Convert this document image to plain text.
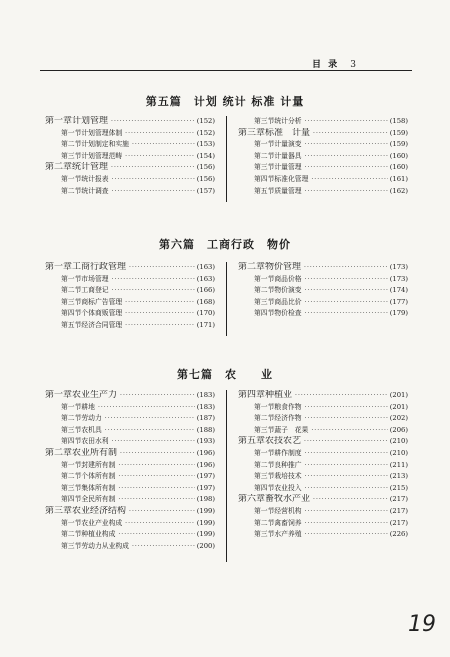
目 录 3
第五篇　计划 统计 标准 计量
第一章 计划管理 ·····	(152)
第一节 计划管理体制 ·····	(152)
第二节 计划制定和实施 ·····	(153)
第三节 计划管理范畴 ·····	(154)
第二章 统计管理 ·····	(156)
第一节 统计报表 ·····	(156)
第二节 统计调查 ·····	(157)
第三节 统计分析 ·····	(158)
第三章 标准　计量 ·····	(159)
第一节 计量演变 ·····	(159)
第二节 计量器具 ·····	(160)
第三节 计量管理 ·····	(160)
第四节 标准化管理 ·····	(161)
第五节 质量管理 ·····	(162)
第六篇　工商行政　物价
第一章 工商行政管理 ·····	(163)
第一节 市场管理 ·····	(163)
第二节 工商登记 ·····	(166)
第三节 商标广告管理 ·····	(168)
第四节 个体商贩管理 ·····	(170)
第五节 经济合同管理 ·····	(171)
第二章 物价管理 ·····	(173)
第一节 商品价格 ·····	(173)
第二节 物价演变 ·····	(174)
第三节 商品比价 ·····	(177)
第四节 物价检查 ·····	(179)
第七篇　农　　业
第一章 农业生产力 ·····	(183)
第一节 耕地 ·····	(183)
第二节 劳动力 ·····	(187)
第三节 农机具 ·····	(188)
第四节 农田水利 ·····	(193)
第二章 农业所有制 ·····	(196)
第一节 封建所有制 ·····	(196)
第二节 个体所有制 ·····	(197)
第三节 集体所有制 ·····	(197)
第四节 全民所有制 ·····	(198)
第三章 农业经济结构 ·····	(199)
第一节 农业产业构成 ·····	(199)
第二节 种植业构成 ·····	(199)
第三节 劳动力从业构成 ·····	(200)
第四章 种植业 ·····	(201)
第一节 粮食作物 ·····	(201)
第二节 经济作物 ·····	(202)
第三节 蔬子　花果 ·····	(206)
第五章 农技农艺 ·····	(210)
第一节 耕作制度 ·····	(210)
第二节 良种推广 ·····	(211)
第三节 栽培技术 ·····	(213)
第四节 农业投入 ·····	(215)
第六章 畜牧水产业 ·····	(217)
第一节 经营机构 ·····	(217)
第二节 禽畜饲养 ·····	(217)
第三节 水产养殖 ·····	(226)
19
